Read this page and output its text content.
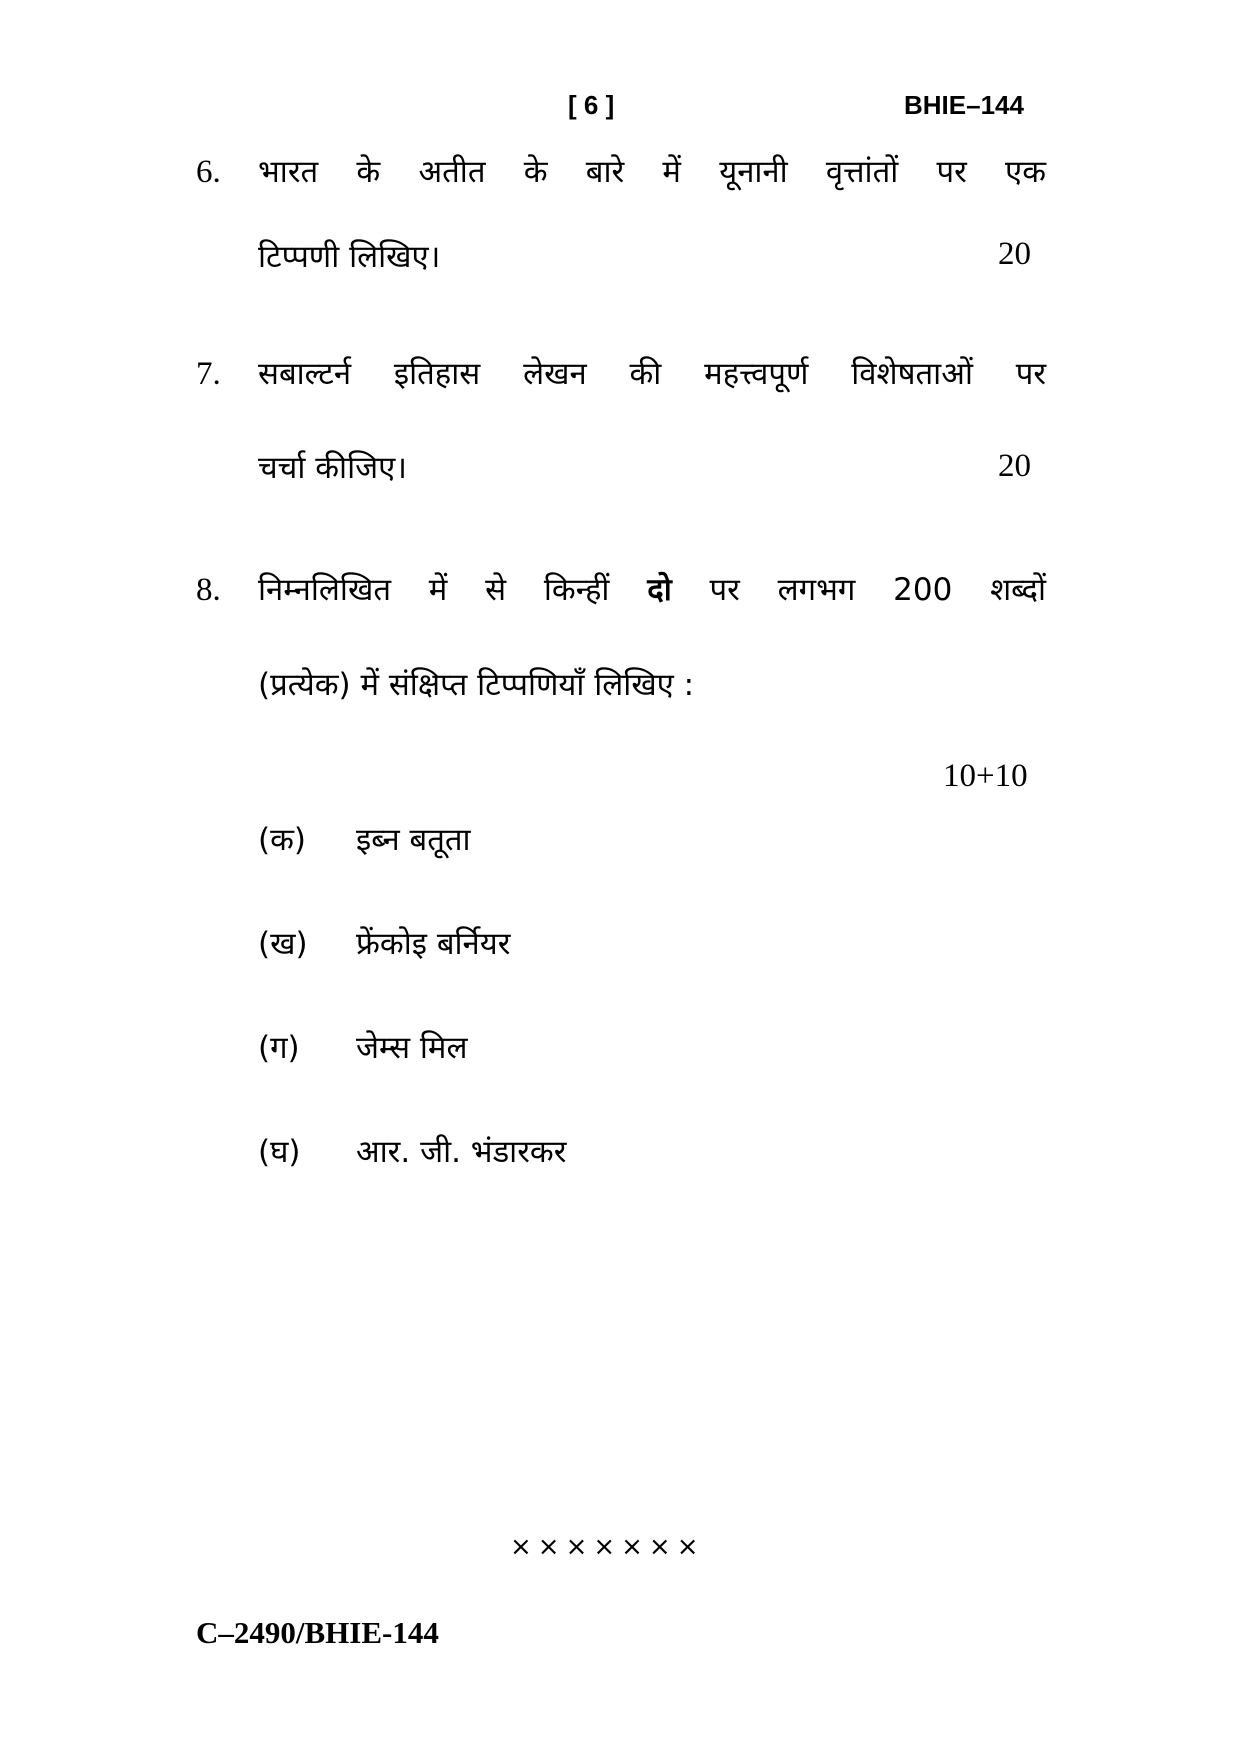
[ 6 ]	BHIE–144
6. भारत के अतीत के बारे में यूनानी वृत्तांतों पर एक
टिप्पणी लिखिए।	20
7. सबाल्टर्न इतिहास लेखन की महत्त्वपूर्ण विशेषताओं पर
चर्चा कीजिए।	20
8. निम्नलिखित में से किन्हीं दो पर लगभग 200 शब्दों
(प्रत्येक) में संक्षिप्त टिप्पणियाँ लिखिए :
10+10
(क) इब्न बतूता
(ख) फ्रेंकोइ बर्नियर
(ग) जेम्स मिल
(घ) आर. जी. भंडारकर
×××××××
C–2490/BHIE-144
